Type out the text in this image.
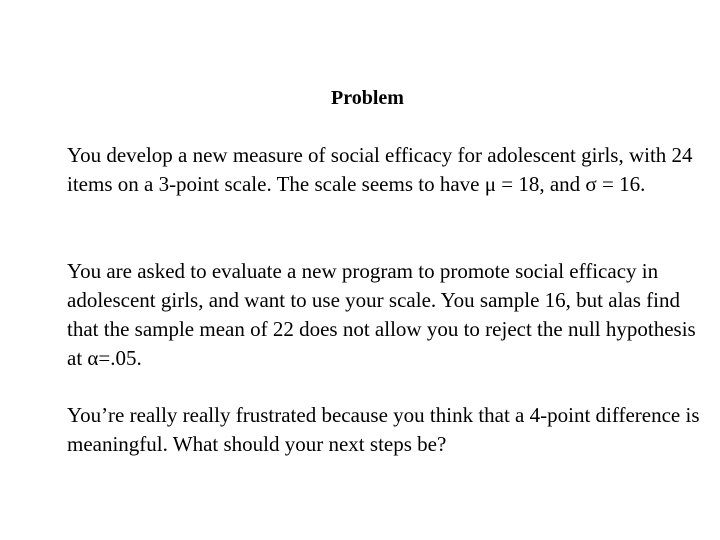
Problem

You develop a new measure of social efficacy for adolescent girls, with 24 items on a 3-point scale. The scale seems to have μ = 18, and σ = 16.

You are asked to evaluate a new program to promote social efficacy in adolescent girls, and want to use your scale. You sample 16, but alas find that the sample mean of 22 does not allow you to reject the null hypothesis at α=.05.

You’re really really frustrated because you think that a 4-point difference is meaningful. What should your next steps be?
